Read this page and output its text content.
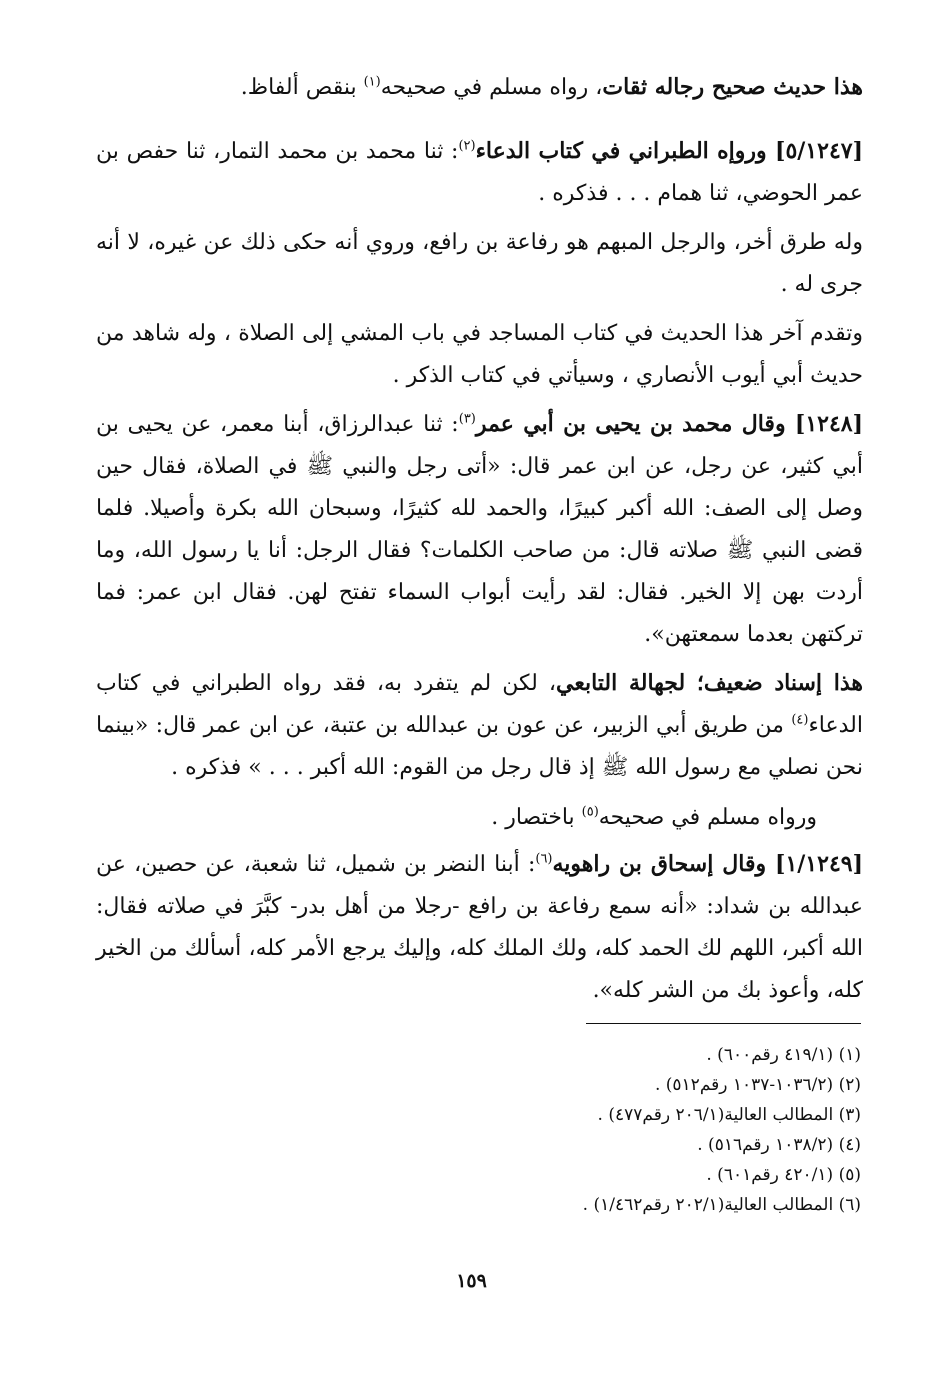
هذا حديث صحيح رجاله ثقات، رواه مسلم في صحيحه$^{(١)}$ بنقص ألفاظ.

[٥/١٢٤٧] وروإه الطبراني في كتاب الدعاء$^{(٢)}$: ثنا محمد بن محمد التمار، ثنا حفص بن عمر الحوضي، ثنا همام . . . فذكره .

وله طرق أخر، والرجل المبهم هو رفاعة بن رافع، وروي أنه حكى ذلك عن غيره، لا أنه جرى له .

وتقدم آخر هذا الحديث في كتاب المساجد في باب المشي إلى الصلاة ، وله شاهد من حديث أبي أيوب الأنصاري ، وسيأتي في كتاب الذكر .

[١٢٤٨] وقال محمد بن يحيى بن أبي عمر$^{(٣)}$: ثنا عبدالرزاق، أبنا معمر، عن يحيى بن أبي كثير، عن رجل، عن ابن عمر قال: «أتى رجل والنبي ﷺ في الصلاة، فقال حين وصل إلى الصف: الله أكبر كبيرًا، والحمد لله كثيرًا، وسبحان الله بكرة وأصيلا. فلما قضى النبي ﷺ صلاته قال: من صاحب الكلمات؟ فقال الرجل: أنا يا رسول الله، وما أردت بهن إلا الخير. فقال: لقد رأيت أبواب السماء تفتح لهن. فقال ابن عمر: فما تركتهن بعدما سمعتهن».

هذا إسناد ضعيف؛ لجهالة التابعي، لكن لم يتفرد به، فقد رواه الطبراني في كتاب الدعاء$^{(٤)}$ من طريق أبي الزبير، عن عون بن عبدالله بن عتبة، عن ابن عمر قال: «بينما نحن نصلي مع رسول الله ﷺ إذ قال رجل من القوم: الله أكبر . . . » فذكره .

ورواه مسلم في صحيحه$^{(٥)}$ باختصار .

[١/١٢٤٩] وقال إسحاق بن راهويه$^{(٦)}$: أبنا النضر بن شميل، ثنا شعبة، عن حصين، عن عبدالله بن شداد: «أنه سمع رفاعة بن رافع -رجلا من أهل بدر- كبَّرَ في صلاته فقال: الله أكبر، اللهم لك الحمد كله، ولك الملك كله، وإليك يرجع الأمر كله، أسألك من الخير كله، وأعوذ بك من الشر كله».

(١) (٤١٩/١ رقم٦٠٠) .

(٢) (١٠٣٦/٢-١٠٣٧ رقم٥١٢) .

(٣) المطالب العالية(٢٠٦/١ رقم٤٧٧) .

(٤) (١٠٣٨/٢ رقم٥١٦) .

(٥) (٤٢٠/١ رقم٦٠١) .

(٦) المطالب العالية(٢٠٢/١ رقم١/٤٦٢) .

١٥٩
